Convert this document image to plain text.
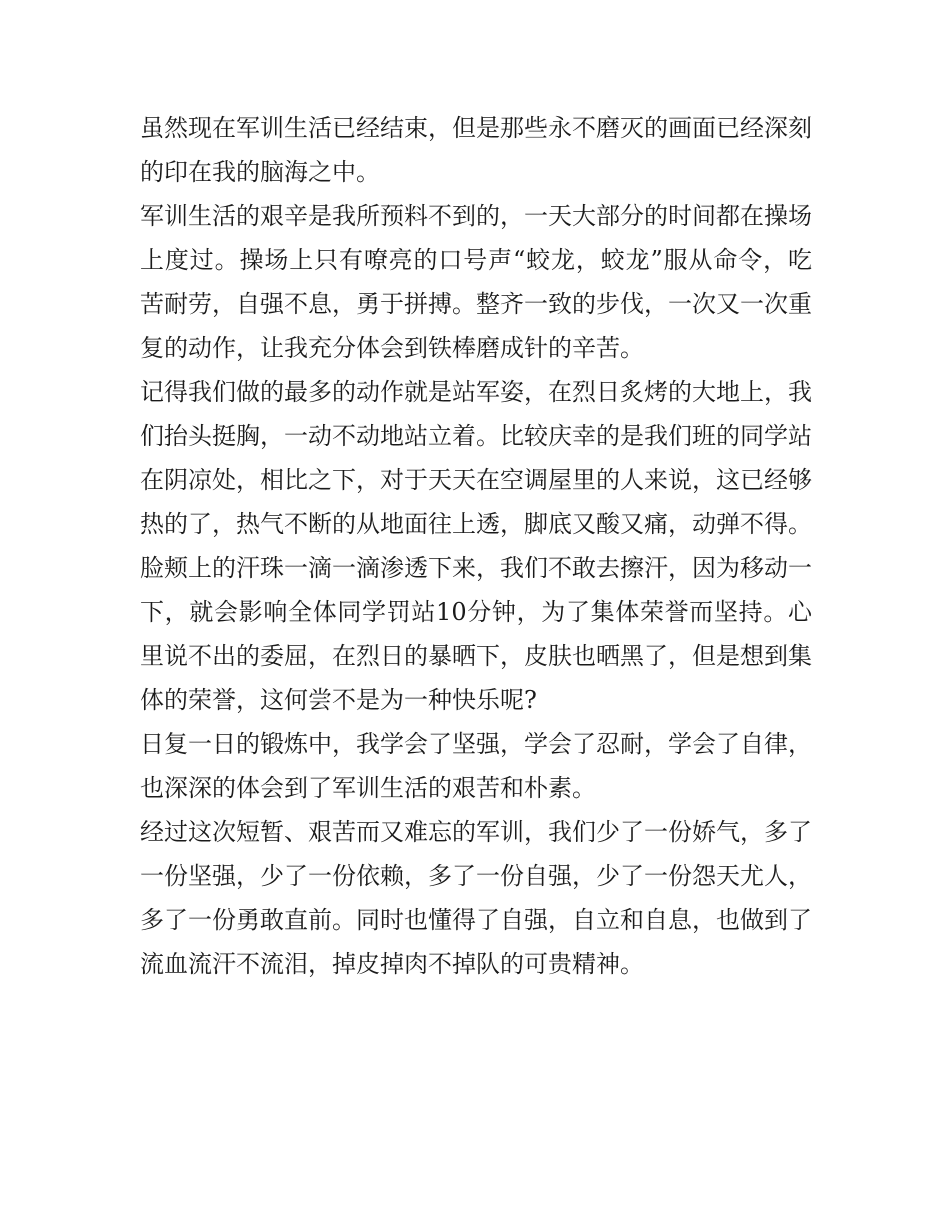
虽然现在军训生活已经结束，但是那些永不磨灭的画面已经深刻的印在我的脑海之中。

军训生活的艰辛是我所预料不到的，一天大部分的时间都在操场上度过。操场上只有嘹亮的口号声“蛟龙，蛟龙”服从命令，吃苦耐劳，自强不息，勇于拼搏。整齐一致的步伐，一次又一次重复的动作，让我充分体会到铁棒磨成针的辛苦。

记得我们做的最多的动作就是站军姿，在烈日炙烤的大地上，我们抬头挺胸，一动不动地站立着。比较庆幸的是我们班的同学站在阴凉处，相比之下，对于天天在空调屋里的人来说，这已经够热的了，热气不断的从地面往上透，脚底又酸又痛，动弹不得。脸颊上的汗珠一滴一滴渗透下来，我们不敢去擦汗，因为移动一下，就会影响全体同学罚站10分钟，为了集体荣誉而坚持。心里说不出的委屈，在烈日的暴晒下，皮肤也晒黑了，但是想到集体的荣誉，这何尝不是为一种快乐呢?

日复一日的锻炼中，我学会了坚强，学会了忍耐，学会了自律，也深深的体会到了军训生活的艰苦和朴素。

经过这次短暂、艰苦而又难忘的军训，我们少了一份娇气，多了一份坚强，少了一份依赖，多了一份自强，少了一份怨天尤人，多了一份勇敢直前。同时也懂得了自强，自立和自息，也做到了流血流汗不流泪，掉皮掉肉不掉队的可贵精神。
